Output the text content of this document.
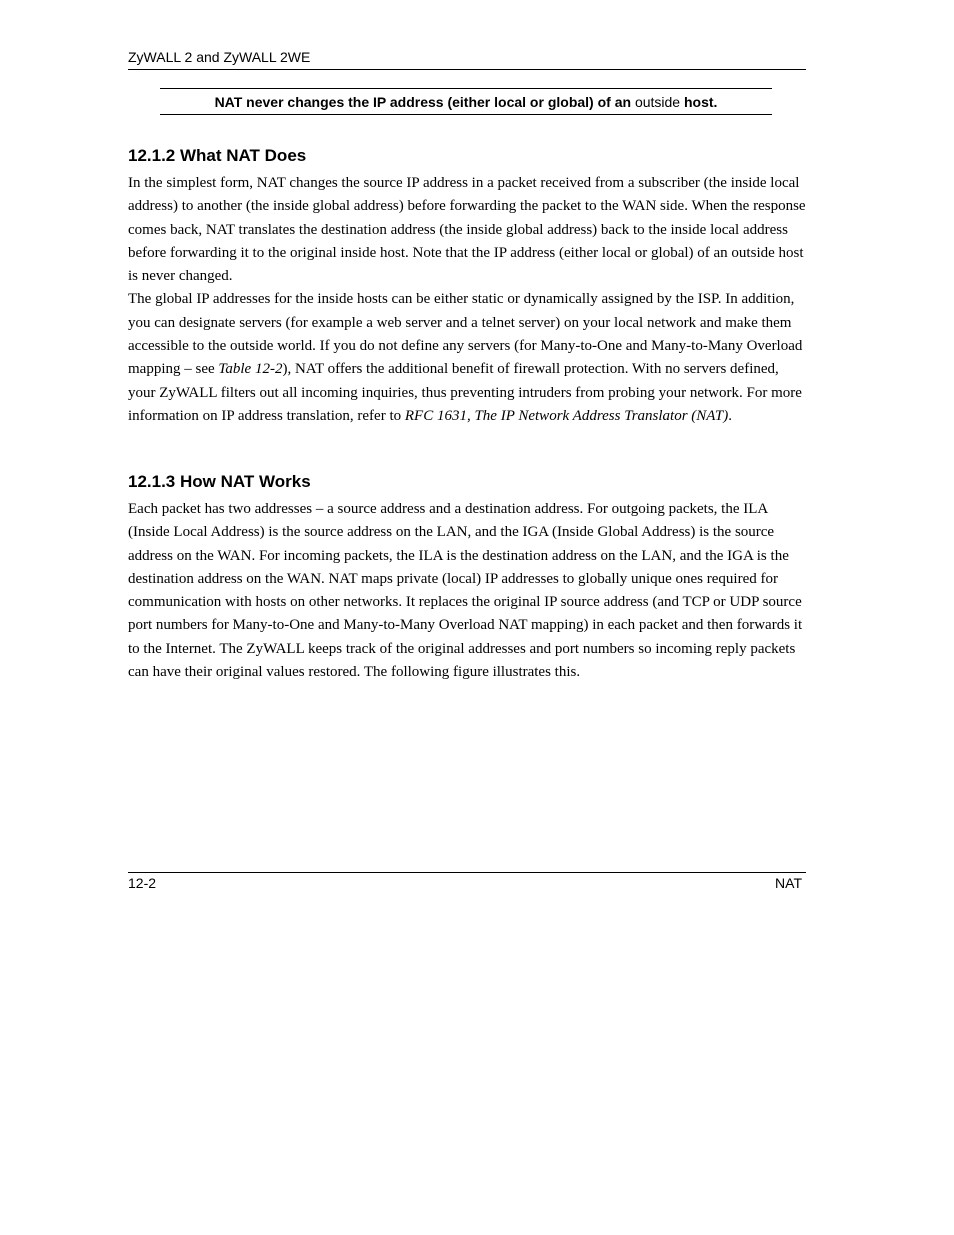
ZyWALL 2 and ZyWALL 2WE
NAT never changes the IP address (either local or global) of an outside host.
12.1.2 What NAT Does

In the simplest form, NAT changes the source IP address in a packet received from a subscriber (the inside local address) to another (the inside global address) before forwarding the packet to the WAN side. When the response comes back, NAT translates the destination address (the inside global address) back to the inside local address before forwarding it to the original inside host. Note that the IP address (either local or global) of an outside host is never changed.

The global IP addresses for the inside hosts can be either static or dynamically assigned by the ISP. In addition, you can designate servers (for example a web server and a telnet server) on your local network and make them accessible to the outside world. If you do not define any servers (for Many-to-One and Many-to-Many Overload mapping – see Table 12-2), NAT offers the additional benefit of firewall protection. With no servers defined, your ZyWALL filters out all incoming inquiries, thus preventing intruders from probing your network. For more information on IP address translation, refer to RFC 1631, The IP Network Address Translator (NAT).

12.1.3 How NAT Works

Each packet has two addresses – a source address and a destination address. For outgoing packets, the ILA (Inside Local Address) is the source address on the LAN, and the IGA (Inside Global Address) is the source address on the WAN. For incoming packets, the ILA is the destination address on the LAN, and the IGA is the destination address on the WAN. NAT maps private (local) IP addresses to globally unique ones required for communication with hosts on other networks. It replaces the original IP source address (and TCP or UDP source port numbers for Many-to-One and Many-to-Many Overload NAT mapping) in each packet and then forwards it to the Internet. The ZyWALL keeps track of the original addresses and port numbers so incoming reply packets can have their original values restored. The following figure illustrates this.

12-2	NAT
